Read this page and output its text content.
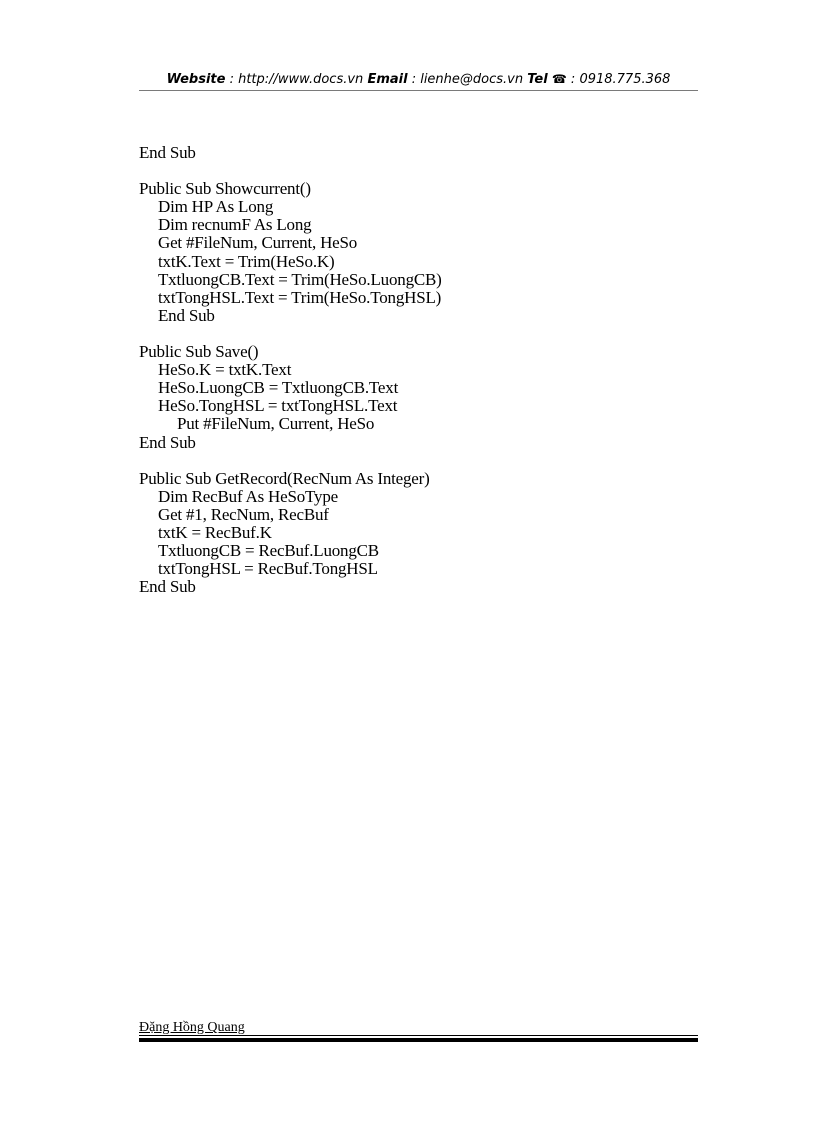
Website : http://www.docs.vn Email : lienhe@docs.vn Tel ☎ : 0918.775.368
End Sub
Public Sub Showcurrent()
Dim HP As Long
Dim recnumF As Long
Get #FileNum, Current, HeSo
txtK.Text = Trim(HeSo.K)
TxtluongCB.Text = Trim(HeSo.LuongCB)
txtTongHSL.Text = Trim(HeSo.TongHSL)
End Sub
Public Sub Save()
HeSo.K = txtK.Text
HeSo.LuongCB = TxtluongCB.Text
HeSo.TongHSL = txtTongHSL.Text
Put #FileNum, Current, HeSo
End Sub
Public Sub GetRecord(RecNum As Integer)
Dim RecBuf As HeSoType
Get #1, RecNum, RecBuf
txtK = RecBuf.K
TxtluongCB = RecBuf.LuongCB
txtTongHSL = RecBuf.TongHSL
End Sub
Đặng Hồng Quang
